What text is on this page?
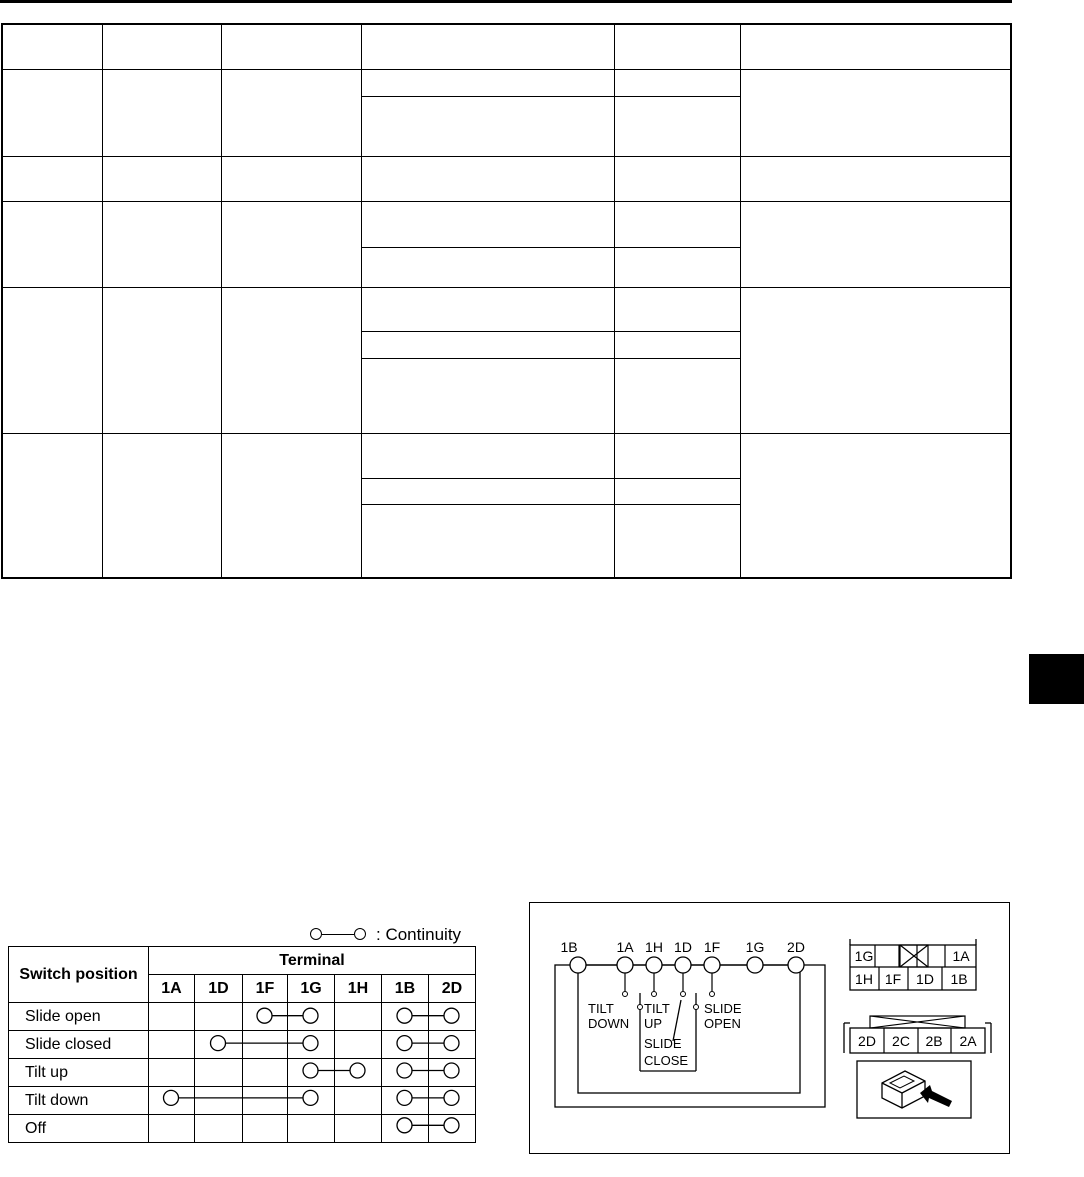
: Continuity
Switch position	Terminal						
	1A	1D	1F	1G	1H	1B	2D
Slide open							
Slide closed							
Tilt up							
Tilt down							
Off							
1B	1A 1H 1D 1F 1G 2D
TILT
DOWN
TILT
UP
SLIDE
CLOSE
SLIDE
OPEN
1G	1A
1H 1F 1D 1B
2D 2C 2B 2A
